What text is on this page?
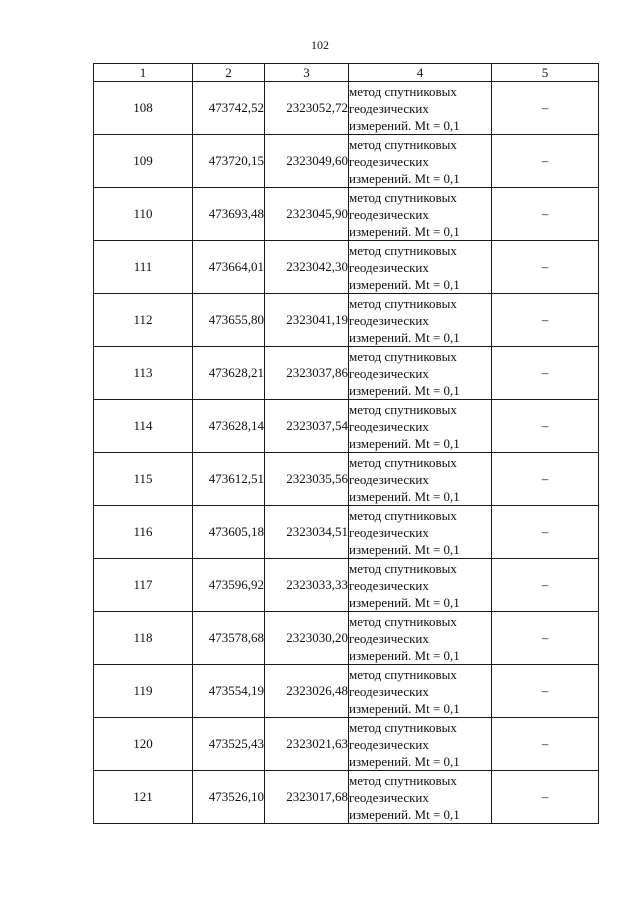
102
1	2	3	4	5
108	473742,52	2323052,72	метод спутниковых
геодезических
измерений. Mt = 0,1	–
109	473720,15	2323049,60	метод спутниковых
геодезических
измерений. Mt = 0,1	–
110	473693,48	2323045,90	метод спутниковых
геодезических
измерений. Mt = 0,1	–
111	473664,01	2323042,30	метод спутниковых
геодезических
измерений. Mt = 0,1	–
112	473655,80	2323041,19	метод спутниковых
геодезических
измерений. Mt = 0,1	–
113	473628,21	2323037,86	метод спутниковых
геодезических
измерений. Mt = 0,1	–
114	473628,14	2323037,54	метод спутниковых
геодезических
измерений. Mt = 0,1	–
115	473612,51	2323035,56	метод спутниковых
геодезических
измерений. Mt = 0,1	–
116	473605,18	2323034,51	метод спутниковых
геодезических
измерений. Mt = 0,1	–
117	473596,92	2323033,33	метод спутниковых
геодезических
измерений. Mt = 0,1	–
118	473578,68	2323030,20	метод спутниковых
геодезических
измерений. Mt = 0,1	–
119	473554,19	2323026,48	метод спутниковых
геодезических
измерений. Mt = 0,1	–
120	473525,43	2323021,63	метод спутниковых
геодезических
измерений. Mt = 0,1	–
121	473526,10	2323017,68	метод спутниковых
геодезических
измерений. Mt = 0,1	–
